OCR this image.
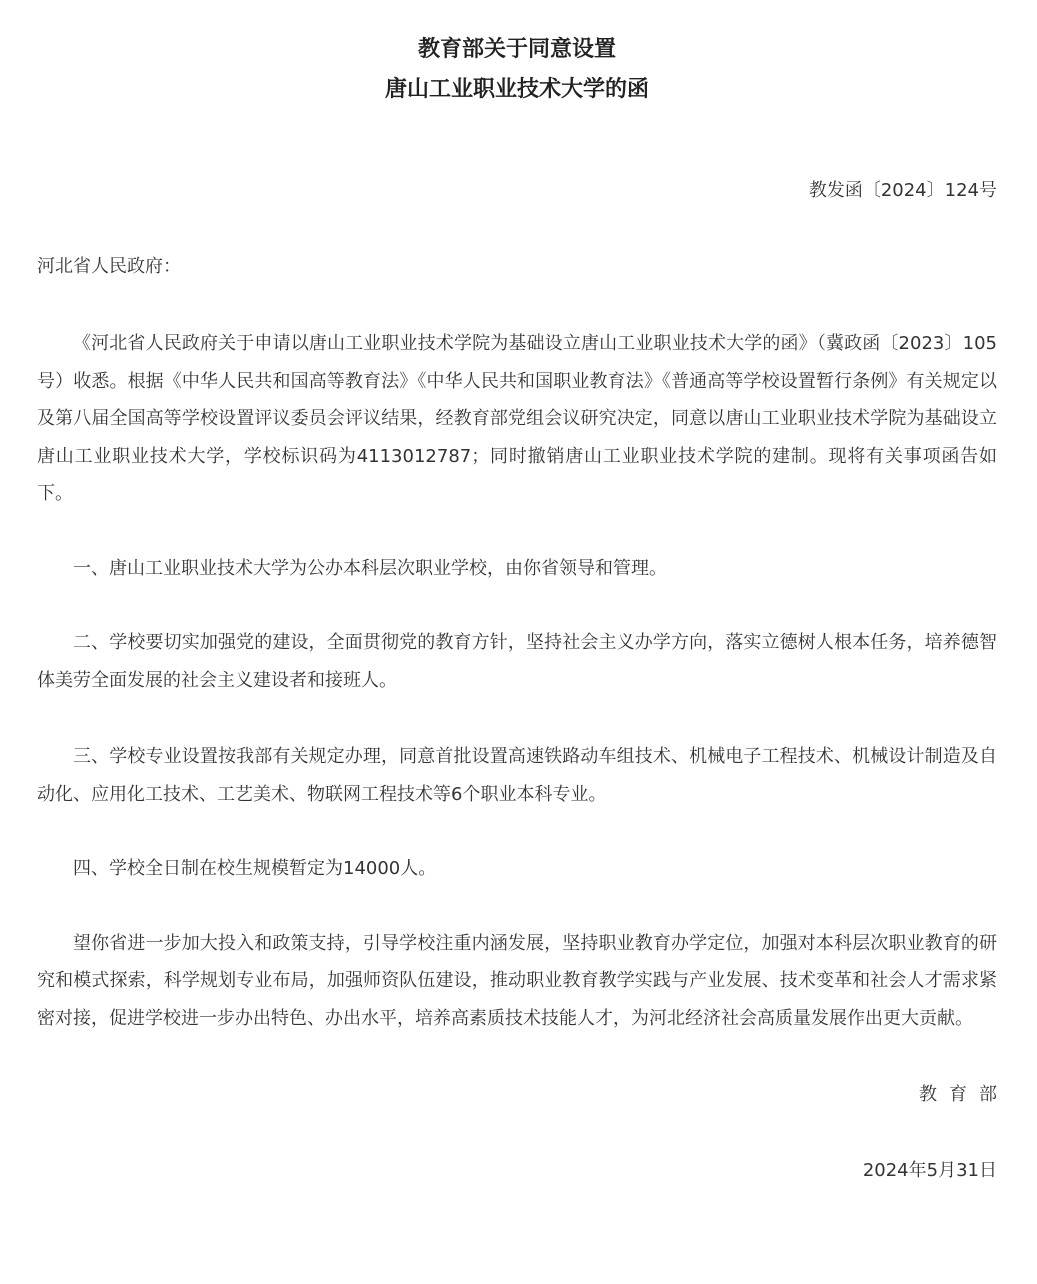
教育部关于同意设置
唐山工业职业技术大学的函
教发函〔2024〕124号
河北省人民政府：

《河北省人民政府关于申请以唐山工业职业技术学院为基础设立唐山工业职业技术大学的函》（冀政函〔2023〕105号）收悉。根据《中华人民共和国高等教育法》《中华人民共和国职业教育法》《普通高等学校设置暂行条例》有关规定以及第八届全国高等学校设置评议委员会评议结果，经教育部党组会议研究决定，同意以唐山工业职业技术学院为基础设立唐山工业职业技术大学，学校标识码为4113012787；同时撤销唐山工业职业技术学院的建制。现将有关事项函告如下。

一、唐山工业职业技术大学为公办本科层次职业学校，由你省领导和管理。

二、学校要切实加强党的建设，全面贯彻党的教育方针，坚持社会主义办学方向，落实立德树人根本任务，培养德智体美劳全面发展的社会主义建设者和接班人。

三、学校专业设置按我部有关规定办理，同意首批设置高速铁路动车组技术、机械电子工程技术、机械设计制造及自动化、应用化工技术、工艺美术、物联网工程技术等6个职业本科专业。

四、学校全日制在校生规模暂定为14000人。

望你省进一步加大投入和政策支持，引导学校注重内涵发展，坚持职业教育办学定位，加强对本科层次职业教育的研究和模式探索，科学规划专业布局，加强师资队伍建设，推动职业教育教学实践与产业发展、技术变革和社会人才需求紧密对接，促进学校进一步办出特色、办出水平，培养高素质技术技能人才，为河北经济社会高质量发展作出更大贡献。

教育部
2024年5月31日
